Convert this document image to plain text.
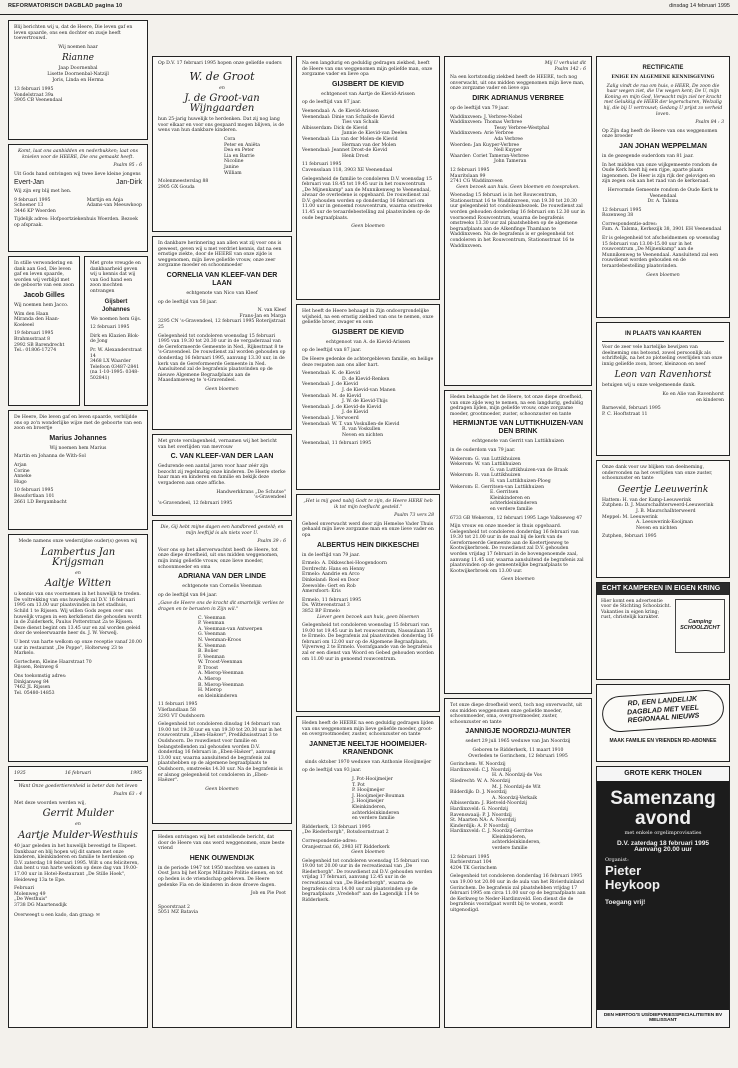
REFORMATORISCH DAGBLAD pagina 10	dinsdag 14 februari 1995

Blij berichten wij u, dat de Heere, Die leven gaf en leven spaarde, ons een dochter en zusje heeft toevertrouwd.

Wij noemen haar

Rianne
Jaap Doornenbal
Lisette Doornenbal-Natzijl
Joris, Linda en Herma
13 februari 1995
Vondelstraat 39a
3905 CB Veenendaal

Komt, laat ons aanbidden en nederbukken; laat ons knielen voor de HEERE, Die ons gemaakt heeft.

Psalm 95 : 6

Uit Gods hand ontvingen wij twee lieve kleine jongens

Evert-Jan	Jan-Dirk

Wij zijn erg blij met hen.

9 februari 1995
Schoener 13
3446 KP Woerden
Martijn en Anja
Adams-van Meeuwkoop

Tijdelijk adres: Hofpoortziekenhuis Woerden. Bezoek op afspraak.

In stille verwondering en dank aan God, Die leven gaf en leven spaarde, worden wij verblijd met de geboorte van een zoon

Jacob Gilles

Wij noemen hem Jacco.

Wim den Haan
Miranda den Haan-Koeleeel

19 februari 1995
Brahmsstraat 8
2992 SB Barendrecht
Tel.: 01806-17274

Met grote vreugde en dankbaarheid geven wij u kennis dat wij van God hand een zoon mochten ontvangen

Gijsbert Johannes

We noemen hem Gijs.

12 februari 1995

Dirk en Klazien Blok-de Jong

Pr. W. Alexanderstraat 14
3468 LX Waarder
Telefoon 03487-2841
(na 1-10-1995: 0348-502841)

De Heere, Die leven gaf en leven spaarde, verblijdde ons op zo'n wonderlijke wijze met de geboorte van een zoon en broertje

Marius Johannes

Wij noemen hem Marius

Martin en Johanna de With-Sol

Arjan
Corine
Anneke
Hugo
10 februari 1995
Beaufortlaan 101
2661 LD Bergambacht

Mede namens onze wederzijdse ouder(s) geven wij

Lambertus Jan Krijgsman
en
Aaltje Witten

u kennis van ons voornemen in het huwelijk te treden. De voltrekking van ons huwelijk zal D.V. 16 februari 1995 om 13.00 uur plaatsvinden in het stadhuis, Schild 1 te Rijssen. Wij willen Gods zegen over ons huwelijk vragen in een kerkdienst die gehouden wordt in de Zuiderkerk, Paulus Potterstraat 2a te Rijssen. Deze dienst begint om 13.45 uur en zal worden geleid door de weleerwaarde heer ds. J. W. Verwelj.

U bent van harte welkom op onze receptie vanaf 20.00 uur in restaurant „De Poppe", Holterweg 23 te Markelo.

Gortechem, Kleine Haarstraat 70
Rijssen, Reinweg 6
Ons toekomstig adres:
Dinkjanweg 84
7462 JL Rijssen
Tel. 05480-14853
1935	16 februari	1995

Want Onze goedertierenheid is beter dan het leven

Psalm 63 : 4

Met deze woorden werden wij,

Gerrit Mulder
en
Aartje Mulder-Westhuis

40 jaar geleden in het huwelijk bevestigd te Elspeet. Dankbaar en blij hopen wij dit samen met onze kinderen, kleinkinderen en familie te herdenken op D.V. zaterdag 18 februari 1995. Wilt u ons feliciteren, dan bent u van harte welkom op deze dag van 19.00-17.00 uur in Hotel-Restaurant „De Stille Hoek", Heideweg 13a te Epe.

Februari
Molenweg 49
„De Westhuis"
3738 DG Maartensdijk

Overweegt u een kado, dan graag: ✉

Op D.V. 17 februari 1995 hopen onze geliefde ouders

W. de Groot
en
J. de Groot-van Wijngaarden

hun 25-jarig huwelijk te herdenken. Dat zij nog lang voor elkaar en voor ons gespaard mogen blijven, is de wens van hun dankbare kinderen.

Cora
Peter en Aniëta
Dea en Peter
Lia en Barrie
Nicoline
Janine
William
Molenmeesterslag 88
2905 GX Gouda

In dankbare herinnering aan allen wat zij voor ons is geweest, geven wij u met verdriet kennis, dat na een ernstige ziekte, door de HEERE van onze zijde is weggenomen, mijn lieve geliefde vrouw, onze zeer zorgzame moeder en schoonmoeder

CORNELIA VAN KLEEF-VAN DER LAAN

echtgenote van Nico van Kleef

op de leeftijd van 58 jaar.

N. van Kleef
Frans-Jan en Marga

3295 CN 's-Gravendeel, 12 februari 1995 Roterijstraat 25

Gelegenheid tot condoleren woensdag 15 februari 1995 van 19.30 tot 20.30 uur in de vergaderzaal van de Gereformeerde Gemeente in Ned., Rijkestraat 8 te 's-Gravendeel. De rouwdienst zal worden gehouden op donderdag 16 februari 1995, aanvang 13.30 uur, in de kerk van de Gereformeerde Gemeente in Ned. Aansluitend zal de begrafenis plaatsvinden op de nieuwe Algemene Begraafplaats aan de Maasdamseweg te 's-Gravendeel.

Geen bloemen

Met grote verslagenheid, vernamen wij het bericht van het overlijden van mevrouw

C. VAN KLEEF-VAN DER LAAN

Gedurende een aantal jaren voor haar zéér zijn bezocht zij regelmatig onze kinderen. De Heere sterke haar man en kinderen en familie en bekijk deze vergaderen aan onze affiche.

Handwerkkrans „De Schutse"
's-Gravendeel

's-Gravendeel, 12 februari 1995

Die, Gij hebt mijne dagen een handbreed gesteld; en mijn leeftijd is als niets voor U.

Psalm 39 : 6

Voor ons op het allerverwachtst heeft de Heere, tot onze diepe droefheid, uit ons midden weggenomen, mijn innig geliefde vrouw, onze lieve moeder, schoonmoeder en oma

ADRIANA VAN DER LINDE

echtgenote van Cornelis Veenman

op de leeftijd van 84 jaar.

„Gave de Heere ons de kracht dit smartelijk verlies te dragen en te berusten in Zijn wil."

C. Veenman
P. Veenman
A. Veenman-van Antwerpen
G. Veenman
N. Veenman-Kroos
K. Veenman
B. Bolier
F. Veenman
W. Troost-Veenman
P. Troost
A. Mierop-Veenman
A. Mierop
B. Mierop-Veenman
H. Mierop
en kleinkinderen
11 februari 1995
Vlieflandlaan 58
3293 VT Oudshoorn

Gelegenheid tot condoleren dinsdag 14 februari van 19.00 tot 19.30 uur en van 19.30 tot 20.30 uur in het rouwcentrum „Eben-Haëzer", Predikhuisstraat 3 te Oudshoorn. De rouwdienst voor familie en belangstellenden zal gehouden worden D.V. donderdag 16 februari in „Eben-Haëzer", aanvang 13.00 uur, waarna aansluitend de begrafenis zal plaatshebben op de algemene begraafplaats te Oudshoorn, omstreeks 14.30 uur. Na de begrafenis is er alsnog gelegenheid tot condoleren in „Eben-Haëzer".

Geen bloemen

Heden ontvingen wij het ontstellende bericht, dat door de Heere van ons werd weggenomen, onze beste vriend

HENK OUWENDIJK

in de periode 1947 tot 1950 mochten we samen in Oost Java bij het Korps Militaire Politie dienen, en tot op heden is de vriendschap gebleven. De Heere gedenke Fia en de kinderen in deze droeve dagen.

Job en Pie Poot

Spoorstraat 2
5051 MZ Batavia

Na een langdurig en geduldig gedragen ziekbed, heeft de Heere van ons weggenomen mijn geliefde man, onze zorgzame vader en lieve opa

GIJSBERT DE KIEVID

echtgenoot van Aartje de Kievid-Arissen

op de leeftijd van 87 jaar.

Veenendaal: A. de Kievid-Arissen
Veenendaal: Dinie van Schaik-de Kievid
Ties van Schaik
Albisserdam: Dick de Kievid
Jannie de Kievid-van Deelen
Veenendaal: Lia van der Molen-de Kievid
Herman van der Molen
Veenendaal: Jeannet Drost-de Kievid
Henk Drost
11 februari 1995
Cavensslaan 118, 3903 XE Veenendaal

Gelegenheid de familie te condoleren D.V. woensdag 15 februari van 18.45 tot 19.45 uur in het rouwcentrum „De Mijnenkamp" aan de Munnikenweg te Veenendaal, alwaar de overledene is opgebaard. De rouwdienst zal D.V. gehouden worden op donderdag 16 februari om 11.00 uur in genoemd rouwcentrum, waarna omstreeks 11.45 uur de teraardebestelling zal plaatsvinden op de oude begraafplaats.

Geen bloemen

Het heeft de Heere behaagd in Zijn ondoorgrondelijke wijsheid, na een ernstig ziekbed van ons te nemen, onze geliefde broer, zwager en oom

GIJSBERT DE KIEVID

echtgenoot van A. de Kievid-Arissen

op de leeftijd van 87 jaar.

De Heere gedenke de achtergebleven familie, en heilige deze respaten aan ons aller hart.

Veenendaal: K. de Kievid
D. de Kievid-Renken
Veenendaal: J. de Kievid
J. de Kievid-van Manen
Veenendaal: M. de Kievid
J. W. de Kievid-Thijs
Veenendaal: J. de Kievid-de Kievid
J. de Kievid
Veenendaal: J. Verwoerd
Veenendaal: W. T. van Voskullen-de Kievid
R. van Voskullen
Neven en nichten

Veenendaal, 11 februari 1995

„Het is mij goed nabij Godt te zijn, de Heere HERE heb ik tot mijn toeflucht gesteld."

Psalm 73 vers 28

Geheel onverwacht werd door zijn Hemelse Vader Thuis gehaald mijn lieve zorgzame man en onze lieve vader en opa

ALBERTUS HEIN DIKKESCHEI

in de leeftijd van 79 jaar.

Ermelo: A. Dikkeschei-Hoogendoorn
Dordrecht: Hans en Henny
Ermelo: Aandrie en Arco
Dinkeland: Roel en Door
Zeewolde: Gert en Rob
Amersfoort: Kris
Ermelo, 11 februari 1995
Ds. Wittevenstraat 3
3852 BP Ermelo

Liever geen bezoek aan huis, geen bloemen

Gelegenheid tot condoleren woensdag 15 februari van 19.00 tot 19.45 uur in het rouwcentrum, Nassaulaan 35 te Ermelo. De begrafenis zal plaatsvinden donderdag 16 februari om 12.00 uur op de Algemene Begraafplaats, Vijverweg 2 te Ermelo. Voorafgaande van de begrafenis zal er een dienst van Woord en Gebed gehouden worden om 11.00 uur in genoemd rouwcentrum.

Heden heeft de HEERE na een geduldig gedragen lijden van ons weggenomen mijn lieve geliefde moeder, groot- en overgrootmoeder, zuster, schoonzuster en tante

JANNETJE NEELTJE HOOIMEIJER-KRANENDONK

sinds oktober 1970 weduwe van Anthonie Hooijmeijer

op de leeftijd van 93 jaar.

J. Pot-Hooijmeijer
T. Pot
P. Hooijmeijer
J. Hooijmeijer-Bouman
J. Hooijmeijer
Kleinkinderen,
achterkleinkinderen
en verdere familie
Ridderkerk, 13 februari 1995
„De Riederborgh", Botsdoornstraat 2
Correspondentie-adres:
Oranjestraat 66, 2983 HT Ridderkerk

Geen bloemen

Gelegenheid tot condoleren woensdag 15 februari van 19.00 tot 20.00 uur in de recreatiezaal van „De Riederborgh". De rouwdienst zal D.V. gehouden worden vrijdag 17 februari, aanvang 12.45 uur in de recreatiezaal van „De Riederborgh", waarna de begrafenis circa 14.00 uur zal plaatsvinden op de begraafplaats „Vredehof" aan de Lagendijk 114 te Ridderkerk.

Mij U verhuist dit
Psalm 142 : 6

Na een kortstondig ziekbed heeft de HEERE, toch nog onverwacht, uit ons midden weggenomen mijn lieve man, onze zorgzame vader en lieve opa

DIRK ADRIANUS VERBREE

op de leeftijd van 79 jaar.

Waddinxveen: J. Verbree-Nobel
Waddinxveen: Thomas Verbree
Tessy Verbree-Westphal
Waddinxveen: Arie Verbree
Ada Verbree
Woerden: Jan Kuyper-Verbree
Nell Kuyper
Waarder: Coriet Tameran-Verbree
John Tameran
12 februari 1995
Mauritslaan 99
2741 CG Waddinxveen

Geen bezoek aan huis. Geen bloemen en toespraken.

Woensdag 15 februari is in het Rouwcentrum, Stationsstraat 16 te Waddinxveen, van 19.30 tot 20.30 uur gelegenheid tot condoleanbezoek. De rouwdienst zal worden gehouden donderdag 16 februari om 12.30 uur in voornoemd Rouwcentrum, waarna de begrafenis omstreeks 13.30 uur zal plaatshebben op de algemene begraafplaats aan de Alkenfinge Thamlaan te Waddinxveen. Na de begrafenis is er gelegenheid tot condoleren in het Rouwcentrum, Stationsstraat 16 te Waddinxveen.

Heden behaagde het de Heere, tot onze diepe droefheid, van onze zijde weg te nemen, na een langdurig, geduldig gedragen lijden, mijn geliefde vrouw, onze zorgzame moeder, grootmoeder, zuster, schoonzuster en tante

HERMIJNTJE VAN LUTTIKHUIZEN-VAN DEN BRINK

echtgenote van Gerrit van Luttikhuizen

in de ouderdom van 79 jaar.

Wekerom: G. van Luttikhuizen
Wekerom: W. van Luttikhuizen
G. van Luttikhuizen-van de Braak
Wekerom: R. van Luttikhuizen
H. van Luttikhuizen-Ploeg
Wekerom: E. Gerritsen-van Luttikhuizen
E. Gerritsen
Kleinkinderen en
achterkleinkinderen
en verdere familie

6733 GB Wekerom, 12 februari 1995 Lage Valkseweg 47

Mijn vrouw en onze moeder is thuis opgebaard. Gelegenheid tot condoleren donderdag 16 februari van 19.30 tot 21.00 uur in de zaal bij de kerk van de Gereformeerde Gemeente aan de Koetertjesweg te Kootwijkerbroek. De rouwdienst zal D.V. gehouden worden vrijdag 17 februari in de bovengenoemde zaal, aanvang 11.45 uur, waarna aansluitend de begrafenis zal plaatsvinden op de gemeentelijke begraafplaats te Kootwijkerbroek om 13.00 uur.

Geen bloemen

Tot onze diepe droefheid werd, toch nog onverwacht, uit ons midden weggenomen onze geliefde moeder, schoonmoeder, oma, overgrootmoeder, zuster, schoonzuster en tante

JANNIGJE NOORDZIJ-MUNTER

sedert 29 juli 1965 weduwe van Jan Noordzij

Geboren te Ridderkerk, 11 maart 1910
Overleden te Gorinchem, 12 februari 1995

Gorinchem: W. Noordzij
Hardinxveld: C.J. Noordzij
H. A. Noordzij-de Vos
Sliedrecht: W. A. Noordzij
M. J. Noordzij-de Wit
Bilderdijk: D. J. Noordzij
A. Noordzij-Verkaik
Albisserdam: J. Rietveld-Noordzij
Hardinxveld: G. Noordzij
Ravenswaaij: P. J. Noordzij
St. Maarten NA: A. Noordzij
Kinderdijk: A. P. Noordzij
Hardinxveld: C. J. Noordzij-Gerritse
Kleinkinderen,
achterkleinkinderen,
verdere familie
12 februari 1995
Barbierstraat 104
4204 TK Gorinchem

Gelegenheid tot condoleren donderdag 16 februari 1995 van 19.00 tot 20.00 uur in de aula van het Rivierduinland Gorinchem. De begrafenis zal plaatshebben vrijdag 17 februari 1995 om circa 11.00 uur op de begraafplaats aan de Kerkweg te Neder-Hardinxveld. Een dienst die de begrafenis voorafgaat wordt bij te wonen, wordt uitgenodigd.

RECTIFICATIE
ENIGE EN ALGEMENE KENNISGEVING

Zalig vindt de raa om huis, o HEER, De zoon die haar wegen ziet, die Uw wegen kent; De U, mijn Koning en mijn God, Verwacht mijn ziel ter kracht met Gelukkig de HEER der legerscharen, Welzalig hij, die bij U vertrouwt; Gedang U prijst zo verheid loven.

Psalm 84 : 3

Op Zijn dag heeft de Heere van ons weggenomen onze broeder

JAN JOHAN WEPPELMAN

in de gezegende ouderdom van 81 jaar.

In het midden van onze wijkgemeente rondom de Oude Kerk heeft hij een rijpe, aparte plaats ingenomen. De Heer is zijn rijk der gelovigen en zijn zegen ook aan het raad van de kerkeraad.

Hervormde Gemeente rondom de Oude Kerk te Veenendaal
Dr. A. Talsma

12 februari 1995
Rozenweg 38
Correspondentie-adres:
Fam. A. Talsma, Kerkezijk 38, 3901 EH Veenendaal

Er is gelegenheid tot afscheidnemen op woensdag 15 februari van 13.00-15.00 uur in het rouwcentrum „De Mijnenkamp" aan de Munnikenweg te Veenendaal. Aansluitend zal een rouwdienst worden gehouden en de teraardebestelling plaatsvinden.

Geen bloemen

IN PLAATS VAN KAARTEN

Voor de zeer vele hartelijke bewijzen van deelneming ons betoond, zowel persoonlijk als schriftelijk, na het zo plotseling overlijden van onze innig geliefde zoon, broer, kleinzoon en neef

Leon van Ravenhorst

betuigen wij u onze welgemeende dank.

Ko en Alie van Ravenhorst
en kinderen
Barneveld, februari 1995
P. C. Hooftstraat 11

Onze dank voor uw blijken van deelneming, ondervonden na het overlijden van onze zuster, schoonzuster en tante

Geertje Leeuwerink
Hattem: H. van der Kamp-Leeuwerink
Zutphen: D. J. Maurschalhterweerd-Leeuwerink
J. B. Maurschalhterweerd
Meppel: M. Leeuwerink
A. Leeuwerink-Kooijman
Neven en nichten

Zutphen, februari 1995

ECHT KAMPEREN IN EIGEN KRING

Hier komt een advertentie voor de Stichting Schoolzicht. Vakanties in eigen kring; rust, christelijk karakter.

Camping SCHOOLZICHT
RD, EEN LANDELIJK
DAGBLAD MET VEEL
REGIONAAL NIEUWS
MAAK FAMILIE EN VRIENDEN RD-ABONNEE
GROTE KERK THOLEN
Samenzang
avond
met enkele orgelimprovisaties
D.V. zaterdag 18 februari 1995
Aanvang 20.00 uur
Organist:
Pieter
Heykoop
Toegang vrij!
DEN HERTOG'S US/DIEPVRIESSPECIALITEITEN BV
MELISSANT
